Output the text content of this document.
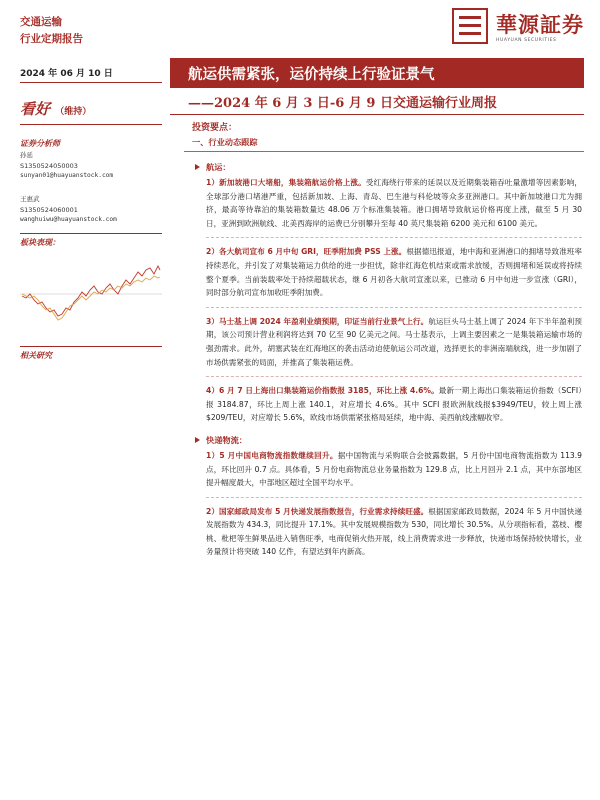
交通运输
行业定期报告
華源証券
HUAYUAN SECURITIES
2024 年 06 月 10 日
看好 （维持）
证券分析师
孙延
S1350524050003
sunyan01@huayuanstock.com
王惠武
S1350524060001
wanghuiwu@huayuanstock.com
板块表现：
相关研究
航运供需紧张，运价持续上行验证景气
——2024 年 6 月 3 日-6 月 9 日交通运输行业周报
投资要点：
一、行业动态跟踪
航运：
1）新加坡港口大堵船，集装箱航运价格上涨。受红海绕行带来的延误以及近期集装箱吞吐量激增等因素影响，全球部分港口堵港严重，包括新加坡、上海、青岛、巴生港与科伦坡等众多亚洲港口。其中新加坡港口尤为拥挤，最高等待靠泊的集装箱数量达 48.06 万个标准集装箱。港口拥堵导致航运价格再度上涨，截至 5 月 30 日，亚洲到欧洲航线、北美西海岸的运费已分别攀升至每 40 英尺集装箱 6200 美元和 6100 美元。
2）各大航司宣布 6 月中旬 GRI，旺季附加费 PSS 上涨。根据德迅报道，地中海和亚洲港口的拥堵导致准班率持续恶化，并引发了对集装箱运力供给的进一步担忧，除非红海危机结束或需求放缓，否则拥堵和延误或将持续整个夏季。当前装载率处于持续超载状态，继 6 月初各大航司宣涨以来，已推动 6 月中旬进一步宣涨（GRI），同时部分航司宣布加收旺季附加费。
3）马士基上调 2024 年盈利业绩预期，印证当前行业景气上行。航运巨头马士基上调了 2024 年下半年盈利预期，该公司预计营业利润将达到 70 亿至 90 亿美元之间。马士基表示，上调主要因素之一是集装箱运输市场的强劲需求。此外，胡塞武装在红海地区的袭击活动迫使航运公司改道，选择更长的非洲南端航线，进一步加剧了市场供需紧张的局面，并推高了集装箱运费。
4）6 月 7 日上海出口集装箱运价指数报 3185，环比上涨 4.6%。最新一期上海出口集装箱运价指数（SCFI）报 3184.87，环比上周上涨 140.1，对应增长 4.6%。其中 SCFI 报欧洲航线报$3949/TEU，较上周上涨$209/TEU，对应增长 5.6%，欧线市场供需紧张格局延续，地中海、美西航线涨幅收窄。
快递物流：
1）5 月中国电商物流指数继续回升。据中国物流与采购联合会披露数据，5 月份中国电商物流指数为 113.9 点，环比回升 0.7 点。具体看，5 月份电商物流总业务量指数为 129.8 点，比上月回升 2.1 点，其中东部地区提升幅度最大，中部地区超过全国平均水平。
2）国家邮政局发布 5 月快递发展指数报告，行业需求持续旺盛。根据国家邮政局数据，2024 年 5 月中国快递发展指数为 434.3，同比提升 17.1%。其中发展规模指数为 530，同比增长 30.5%。从分项指标看，荔枝、樱桃、枇杷等生鲜果品进入销售旺季，电商促销火热开展，线上消费需求进一步释放，快递市场保持较快增长，业务量预计将突破 140 亿件，有望达到年内新高。
